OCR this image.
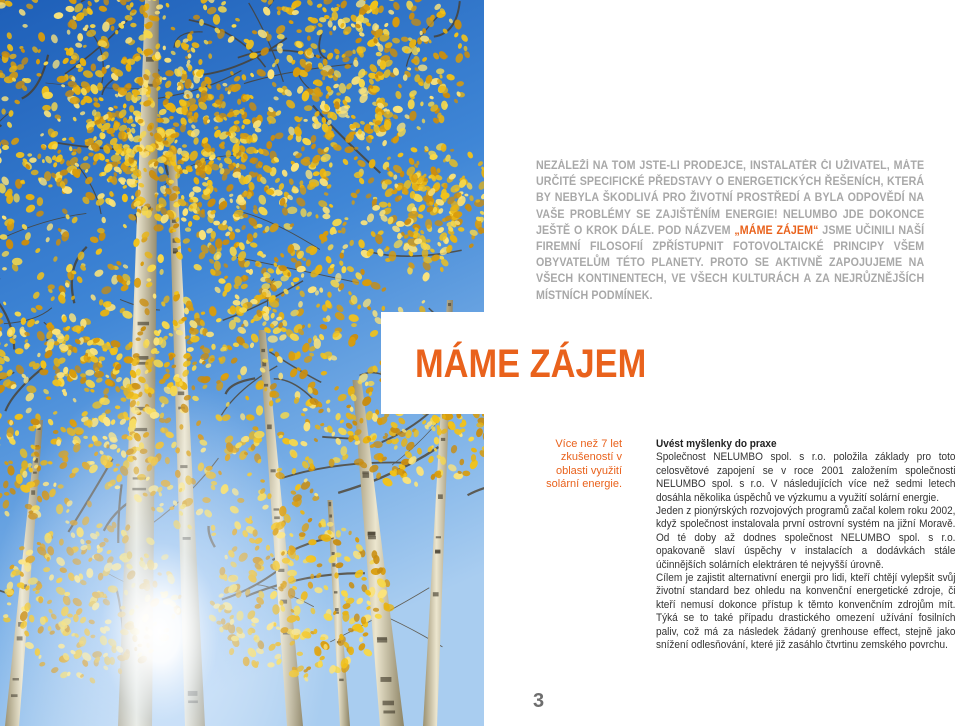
NEZÁLEŽÍ NA TOM JSTE-LI PRODEJCE, INSTALATÉR ČI UŽIVATEL, MÁTE URČITÉ SPECIFICKÉ PŘEDSTAVY O ENERGETICKÝCH ŘEŠENÍCH, KTERÁ BY NEBYLA ŠKODLIVÁ PRO ŽIVOTNÍ PROSTŘEDÍ A BYLA ODPOVĚDÍ NA VAŠE PROBLÉMY SE ZAJIŠTĚNÍM ENERGIE! NELUMBO JDE DOKONCE JEŠTĚ O KROK DÁLE. POD NÁZVEM „MÁME ZÁJEM“ JSME UČINILI NAŠÍ FIREMNÍ FILOSOFIÍ ZPŘÍSTUPNIT FOTOVOLTAICKÉ PRINCIPY VŠEM OBYVATELŮM TÉTO PLANETY. PROTO SE AKTIVNĚ ZAPOJUJEME NA VŠECH KONTINENTECH, VE VŠECH KULTURÁCH A ZA NEJRŮZNĚJŠÍCH MÍSTNÍCH PODMÍNEK.
MÁME ZÁJEM
Více než 7 let zkušeností v oblasti využití solární energie.
Uvést myšlenky do praxe

Společnost NELUMBO spol. s r.o. položila základy pro toto celosvětové zapojení se v roce 2001 založením společnosti NELUMBO spol. s r.o. V následujících více než sedmi letech dosáhla několika úspěchů ve výzkumu a využití solární energie.

Jeden z pionýrských rozvojových programů začal kolem roku 2002, když společnost instalovala první ostrovní systém na jižní Moravě. Od té doby až dodnes společnost NELUMBO spol. s r.o. opakovaně slaví úspěchy v instalacích a dodávkách stále účinnějších solárních elektráren té nejvyšší úrovně.

Cílem je zajistit alternativní energii pro lidi, kteří chtějí vylepšit svůj životní standard bez ohledu na konvenční energetické zdroje, či kteří nemusí dokonce přístup k těmto konvenčním zdrojům mít. Týká se to také případu drastického omezení užívání fosilních paliv, což má za následek žádaný grenhouse effect, stejně jako snížení odlesňování, které již zasáhlo čtvrtinu zemského povrchu.

3
